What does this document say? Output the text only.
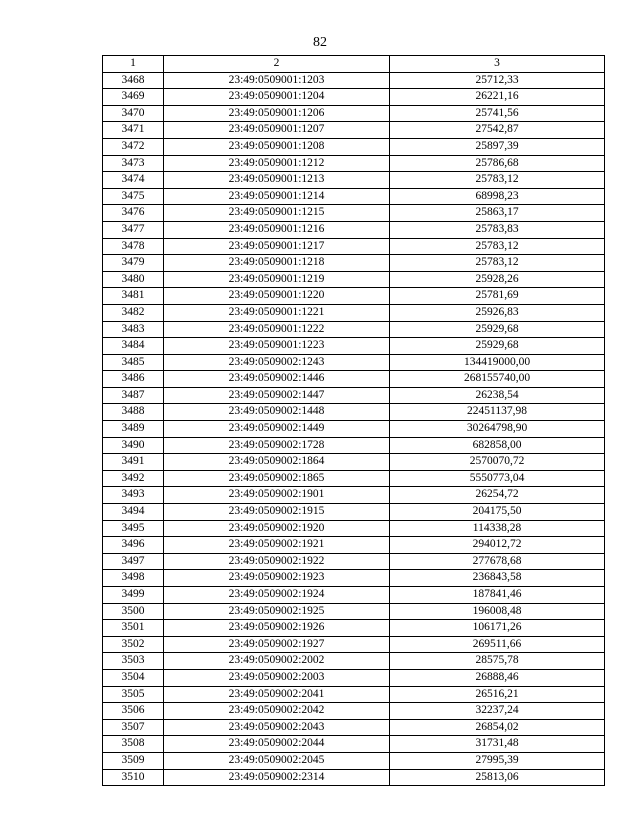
82
1	2	3
3468	23:49:0509001:1203	25712,33
3469	23:49:0509001:1204	26221,16
3470	23:49:0509001:1206	25741,56
3471	23:49:0509001:1207	27542,87
3472	23:49:0509001:1208	25897,39
3473	23:49:0509001:1212	25786,68
3474	23:49:0509001:1213	25783,12
3475	23:49:0509001:1214	68998,23
3476	23:49:0509001:1215	25863,17
3477	23:49:0509001:1216	25783,83
3478	23:49:0509001:1217	25783,12
3479	23:49:0509001:1218	25783,12
3480	23:49:0509001:1219	25928,26
3481	23:49:0509001:1220	25781,69
3482	23:49:0509001:1221	25926,83
3483	23:49:0509001:1222	25929,68
3484	23:49:0509001:1223	25929,68
3485	23:49:0509002:1243	134419000,00
3486	23:49:0509002:1446	268155740,00
3487	23:49:0509002:1447	26238,54
3488	23:49:0509002:1448	22451137,98
3489	23:49:0509002:1449	30264798,90
3490	23:49:0509002:1728	682858,00
3491	23:49:0509002:1864	2570070,72
3492	23:49:0509002:1865	5550773,04
3493	23:49:0509002:1901	26254,72
3494	23:49:0509002:1915	204175,50
3495	23:49:0509002:1920	114338,28
3496	23:49:0509002:1921	294012,72
3497	23:49:0509002:1922	277678,68
3498	23:49:0509002:1923	236843,58
3499	23:49:0509002:1924	187841,46
3500	23:49:0509002:1925	196008,48
3501	23:49:0509002:1926	106171,26
3502	23:49:0509002:1927	269511,66
3503	23:49:0509002:2002	28575,78
3504	23:49:0509002:2003	26888,46
3505	23:49:0509002:2041	26516,21
3506	23:49:0509002:2042	32237,24
3507	23:49:0509002:2043	26854,02
3508	23:49:0509002:2044	31731,48
3509	23:49:0509002:2045	27995,39
3510	23:49:0509002:2314	25813,06
